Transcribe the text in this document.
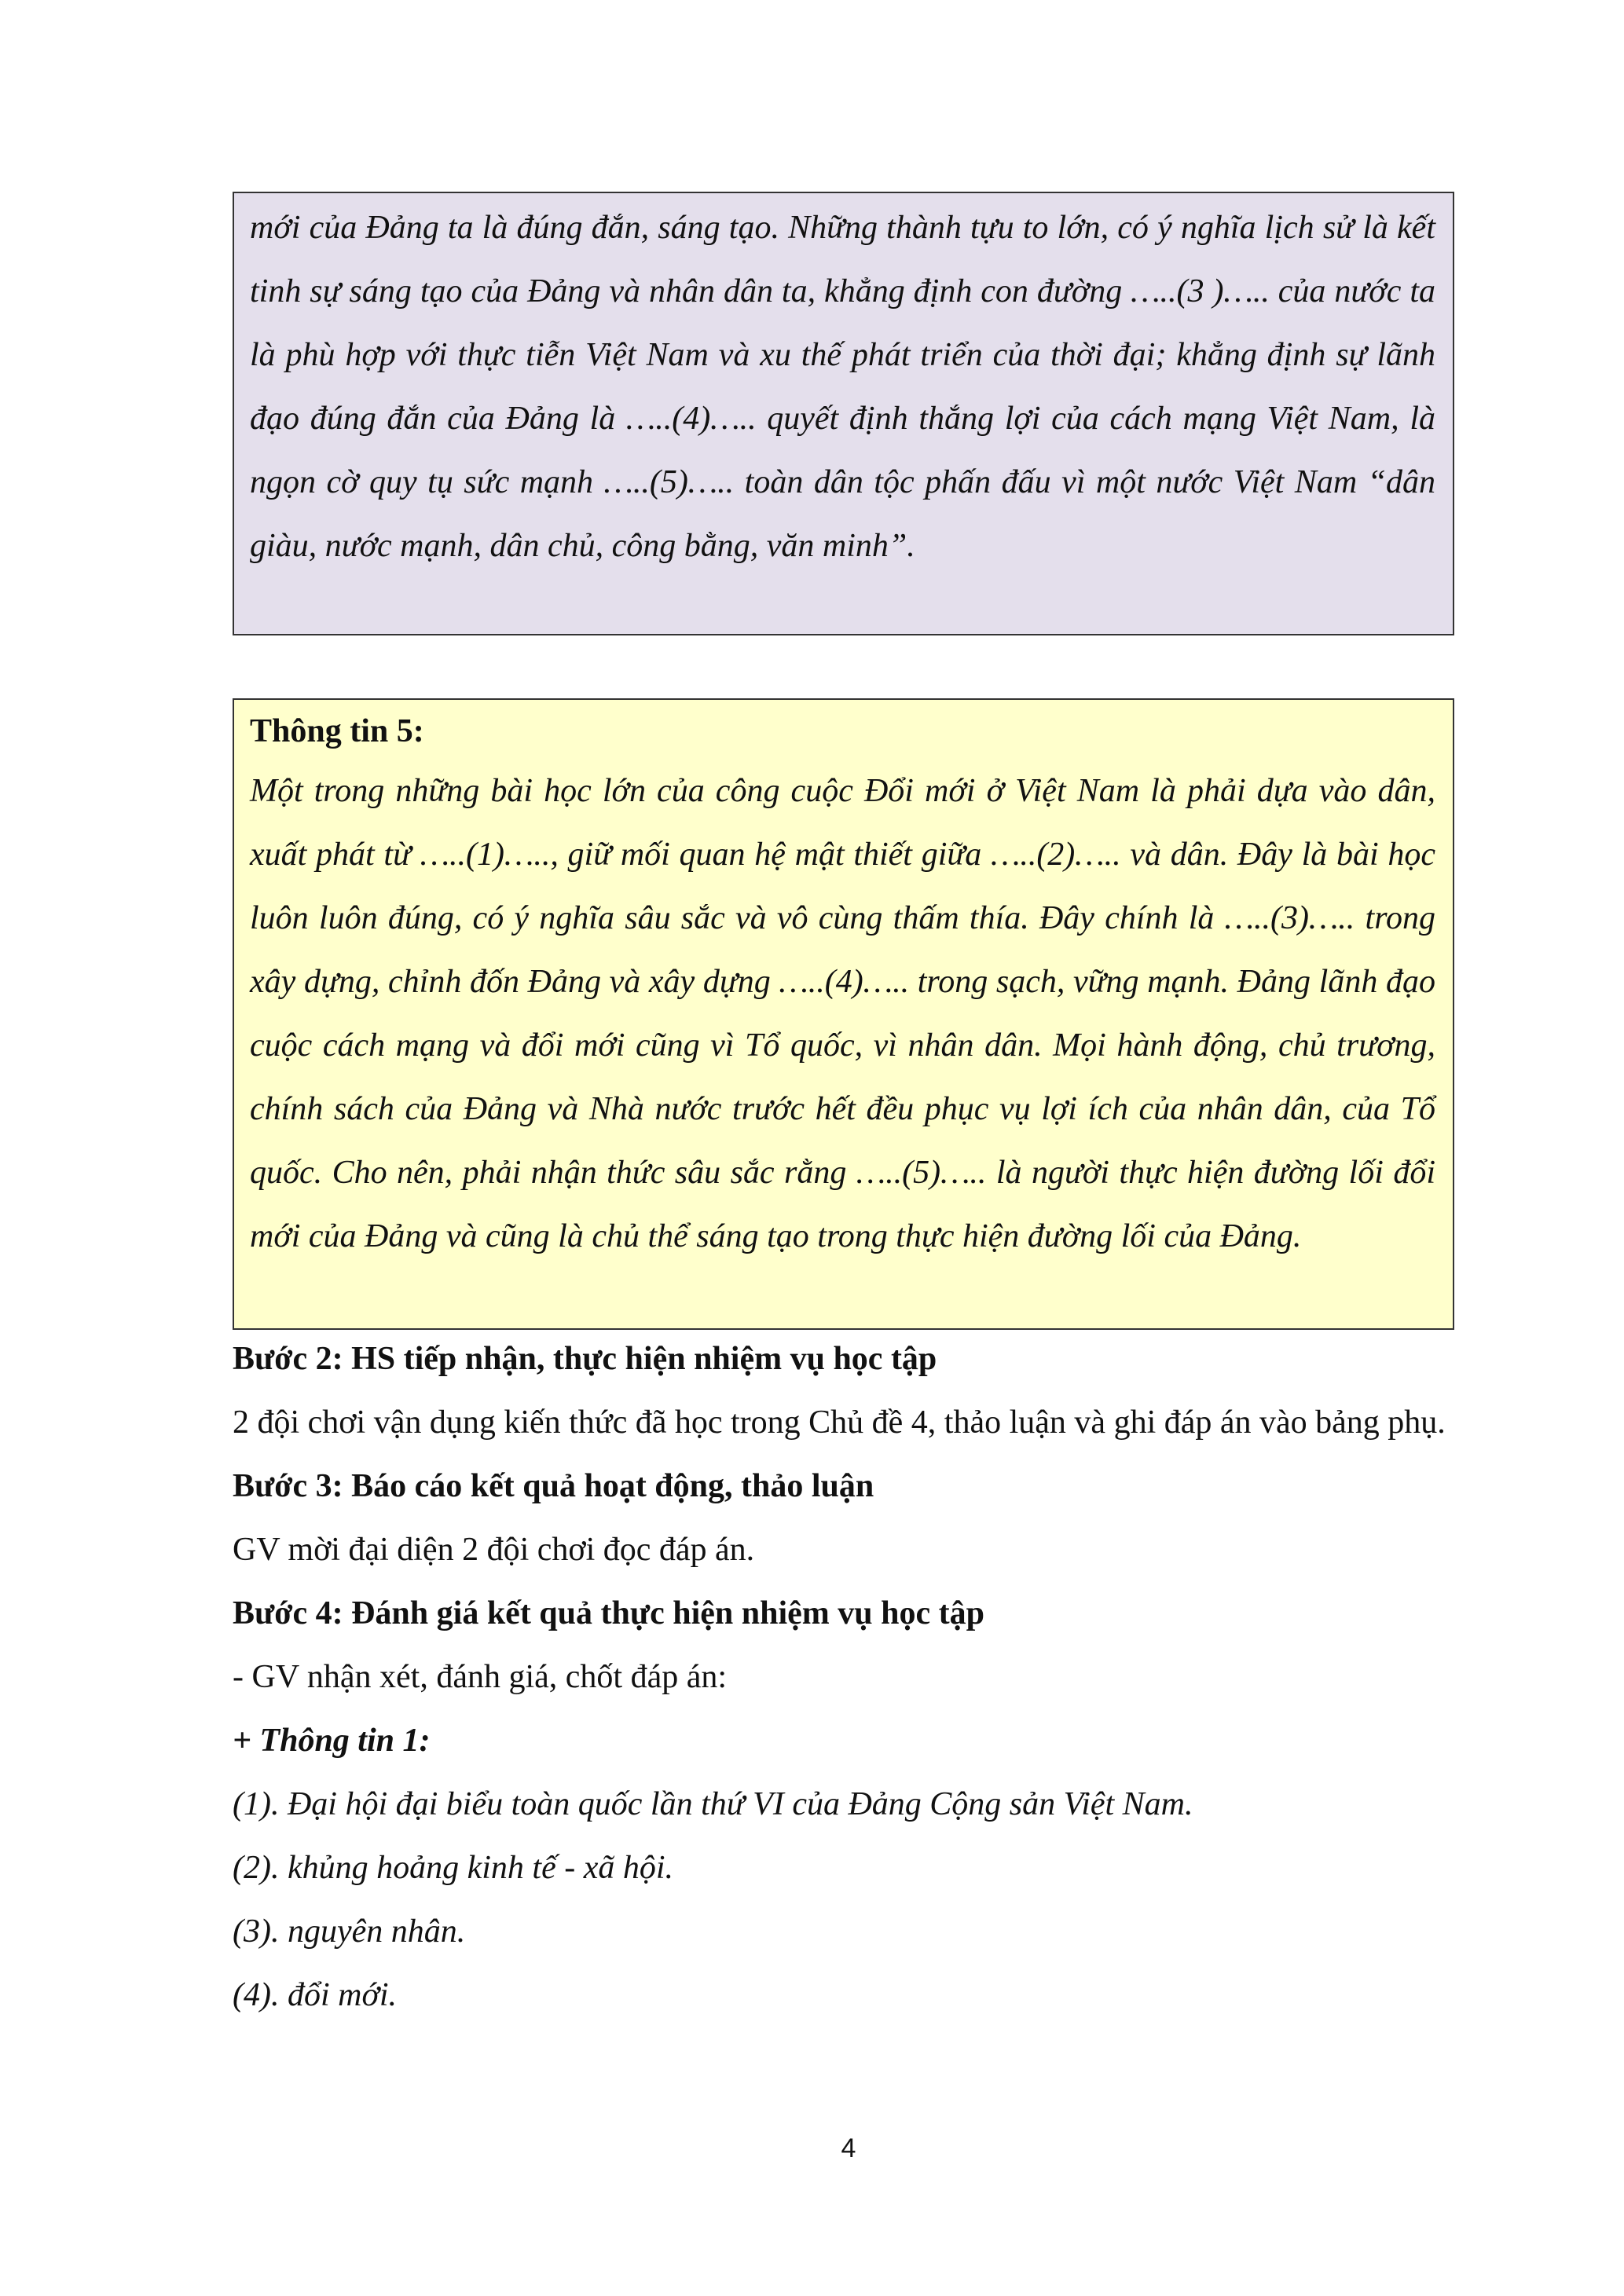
mới của Đảng ta là đúng đắn, sáng tạo. Những thành tựu to lớn, có ý nghĩa lịch sử là kết tinh sự sáng tạo của Đảng và nhân dân ta, khẳng định con đường …..(3 )….. của nước ta là phù hợp với thực tiễn Việt Nam và xu thế phát triển của thời đại; khẳng định sự lãnh đạo đúng đắn của Đảng là …..(4)….. quyết định thắng lợi của cách mạng Việt Nam, là ngọn cờ quy tụ sức mạnh …..(5)….. toàn dân tộc phấn đấu vì một nước Việt Nam “dân giàu, nước mạnh, dân chủ, công bằng, văn minh”.

Thông tin 5:

Một trong những bài học lớn của công cuộc Đổi mới ở Việt Nam là phải dựa vào dân, xuất phát từ …..(1)….., giữ mối quan hệ mật thiết giữa …..(2)….. và dân. Đây là bài học luôn luôn đúng, có ý nghĩa sâu sắc và vô cùng thấm thía. Đây chính là …..(3)….. trong xây dựng, chỉnh đốn Đảng và xây dựng …..(4)….. trong sạch, vững mạnh. Đảng lãnh đạo cuộc cách mạng và đổi mới cũng vì Tổ quốc, vì nhân dân. Mọi hành động, chủ trương, chính sách của Đảng và Nhà nước trước hết đều phục vụ lợi ích của nhân dân, của Tổ quốc. Cho nên, phải nhận thức sâu sắc rằng …..(5)….. là người thực hiện đường lối đổi mới của Đảng và cũng là chủ thể sáng tạo trong thực hiện đường lối của Đảng.

Bước 2: HS tiếp nhận, thực hiện nhiệm vụ học tập

2 đội chơi vận dụng kiến thức đã học trong Chủ đề 4, thảo luận và ghi đáp án vào bảng phụ.

Bước 3: Báo cáo kết quả hoạt động, thảo luận

GV mời đại diện 2 đội chơi đọc đáp án.

Bước 4: Đánh giá kết quả thực hiện nhiệm vụ học tập

- GV nhận xét, đánh giá, chốt đáp án:

+ Thông tin 1:

(1). Đại hội đại biểu toàn quốc lần thứ VI của Đảng Cộng sản Việt Nam.

(2). khủng hoảng kinh tế - xã hội.

(3). nguyên nhân.

(4). đổi mới.

4
